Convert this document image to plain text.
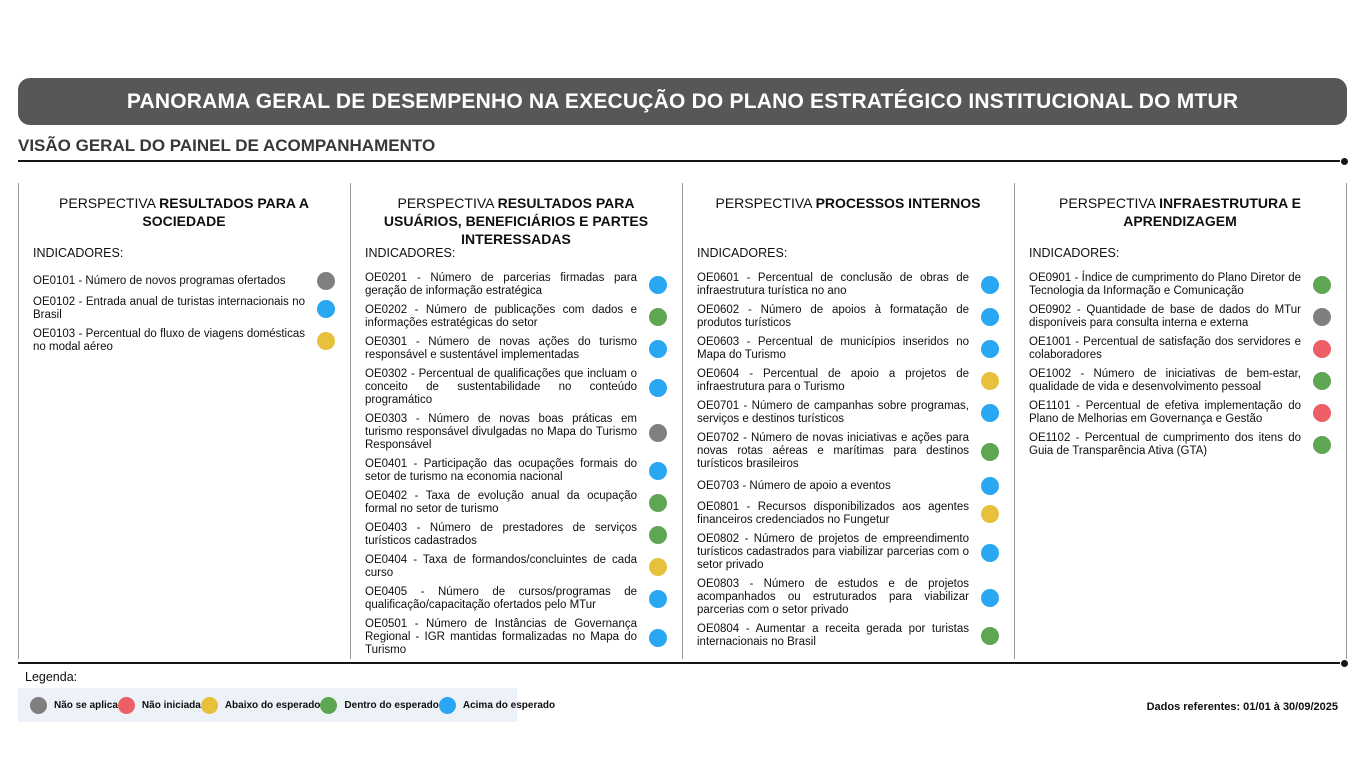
PANORAMA GERAL DE DESEMPENHO NA EXECUÇÃO DO PLANO ESTRATÉGICO INSTITUCIONAL DO MTUR
VISÃO GERAL DO PAINEL DE ACOMPANHAMENTO
PERSPECTIVA RESULTADOS PARA A SOCIEDADE
INDICADORES:
OE0101 - Número de novos programas ofertados
OE0102 - Entrada anual de turistas internacionais no Brasil
OE0103 - Percentual do fluxo de viagens domésticas no modal aéreo
PERSPECTIVA RESULTADOS PARA USUÁRIOS, BENEFICIÁRIOS E PARTES INTERESSADAS
INDICADORES:
OE0201 - Número de parcerias firmadas para geração de informação estratégica
OE0202 - Número de publicações com dados e informações estratégicas do setor
OE0301 - Número de novas ações do turismo responsável e sustentável implementadas
OE0302 - Percentual de qualificações que incluam o conceito de sustentabilidade no conteúdo programático
OE0303 - Número de novas boas práticas em turismo responsável divulgadas no Mapa do Turismo Responsável
OE0401 - Participação das ocupações formais do setor de turismo na economia nacional
OE0402 - Taxa de evolução anual da ocupação formal no setor de turismo
OE0403 - Número de prestadores de serviços turísticos cadastrados
OE0404 - Taxa de formandos/concluintes de cada curso
OE0405 - Número de cursos/programas de qualificação/capacitação ofertados pelo MTur
OE0501 - Número de Instâncias de Governança Regional - IGR mantidas formalizadas no Mapa do Turismo
PERSPECTIVA PROCESSOS INTERNOS
INDICADORES:
OE0601 - Percentual de conclusão de obras de infraestrutura turística no ano
OE0602 - Número de apoios à formatação de produtos turísticos
OE0603 - Percentual de municípios inseridos no Mapa do Turismo
OE0604 - Percentual de apoio a projetos de infraestrutura para o Turismo
OE0701 - Número de campanhas sobre programas, serviços e destinos turísticos
OE0702 - Número de novas iniciativas e ações para novas rotas aéreas e marítimas para destinos turísticos brasileiros
OE0703 - Número de apoio a eventos
OE0801 - Recursos disponibilizados aos agentes financeiros credenciados no Fungetur
OE0802 - Número de projetos de empreendimento turísticos cadastrados para viabilizar parcerias com o setor privado
OE0803 - Número de estudos e de projetos acompanhados ou estruturados para viabilizar parcerias com o setor privado
OE0804 - Aumentar a receita gerada por turistas internacionais no Brasil
PERSPECTIVA INFRAESTRUTURA E APRENDIZAGEM
INDICADORES:
OE0901 - Índice de cumprimento do Plano Diretor de Tecnologia da Informação e Comunicação
OE0902 - Quantidade de base de dados do MTur disponíveis para consulta interna e externa
OE1001 - Percentual de satisfação dos servidores e colaboradores
OE1002 - Número de iniciativas de bem-estar, qualidade de vida e desenvolvimento pessoal
OE1101 - Percentual de efetiva implementação do Plano de Melhorias em Governança e Gestão
OE1102 - Percentual de cumprimento dos itens do Guia de Transparência Ativa (GTA)
Legenda:
Não se aplica Não iniciada Abaixo do esperado Dentro do esperado Acima do esperado	Dados referentes: 01/01 à 30/09/2025
